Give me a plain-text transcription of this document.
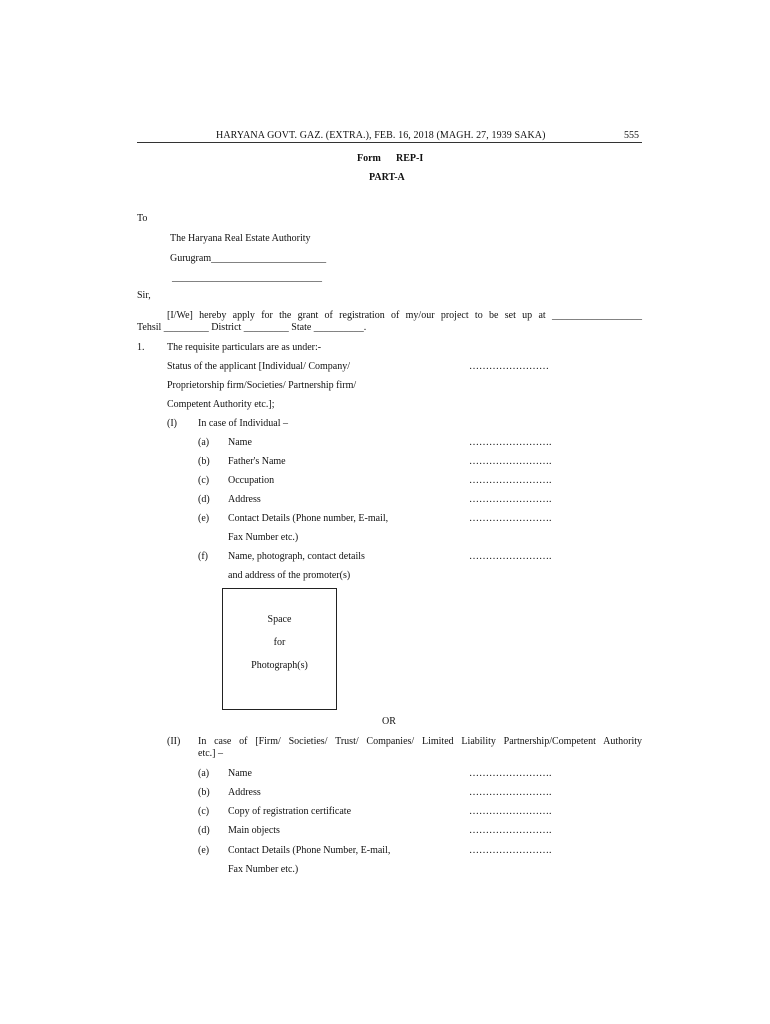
HARYANA GOVT. GAZ. (EXTRA.), FEB. 16, 2018 (MAGH. 27, 1939 SAKA)	555
Form REP-I
PART-A
To
The Haryana Real Estate Authority
Gurugram_______________________
______________________________
Sir,
[I/We] hereby apply for the grant of registration of my/our project to be set up at __________________
Tehsil _________ District _________ State __________.
1. The requisite particulars are as under:-
Status of the applicant [Individual/ Company/	……………………
Proprietorship firm/Societies/ Partnership firm/
Competent Authority etc.];
(I) In case of Individual –
(a) Name	…………………….
(b) Father's Name	…………………….
(c) Occupation	…………………….
(d) Address	…………………….
(e) Contact Details (Phone number, E-mail,	…………………….
Fax Number etc.)
(f) Name, photograph, contact details	…………………….
and address of the promoter(s)
Space
for
Photograph(s)
OR
(II) In case of [Firm/ Societies/ Trust/ Companies/ Limited Liability Partnership/Competent Authority
etc.] –
(a) Name	…………………….
(b) Address	…………………….
(c) Copy of registration certificate	…………………….
(d) Main objects	…………………….
(e) Contact Details (Phone Number, E-mail,	…………………….
Fax Number etc.)
